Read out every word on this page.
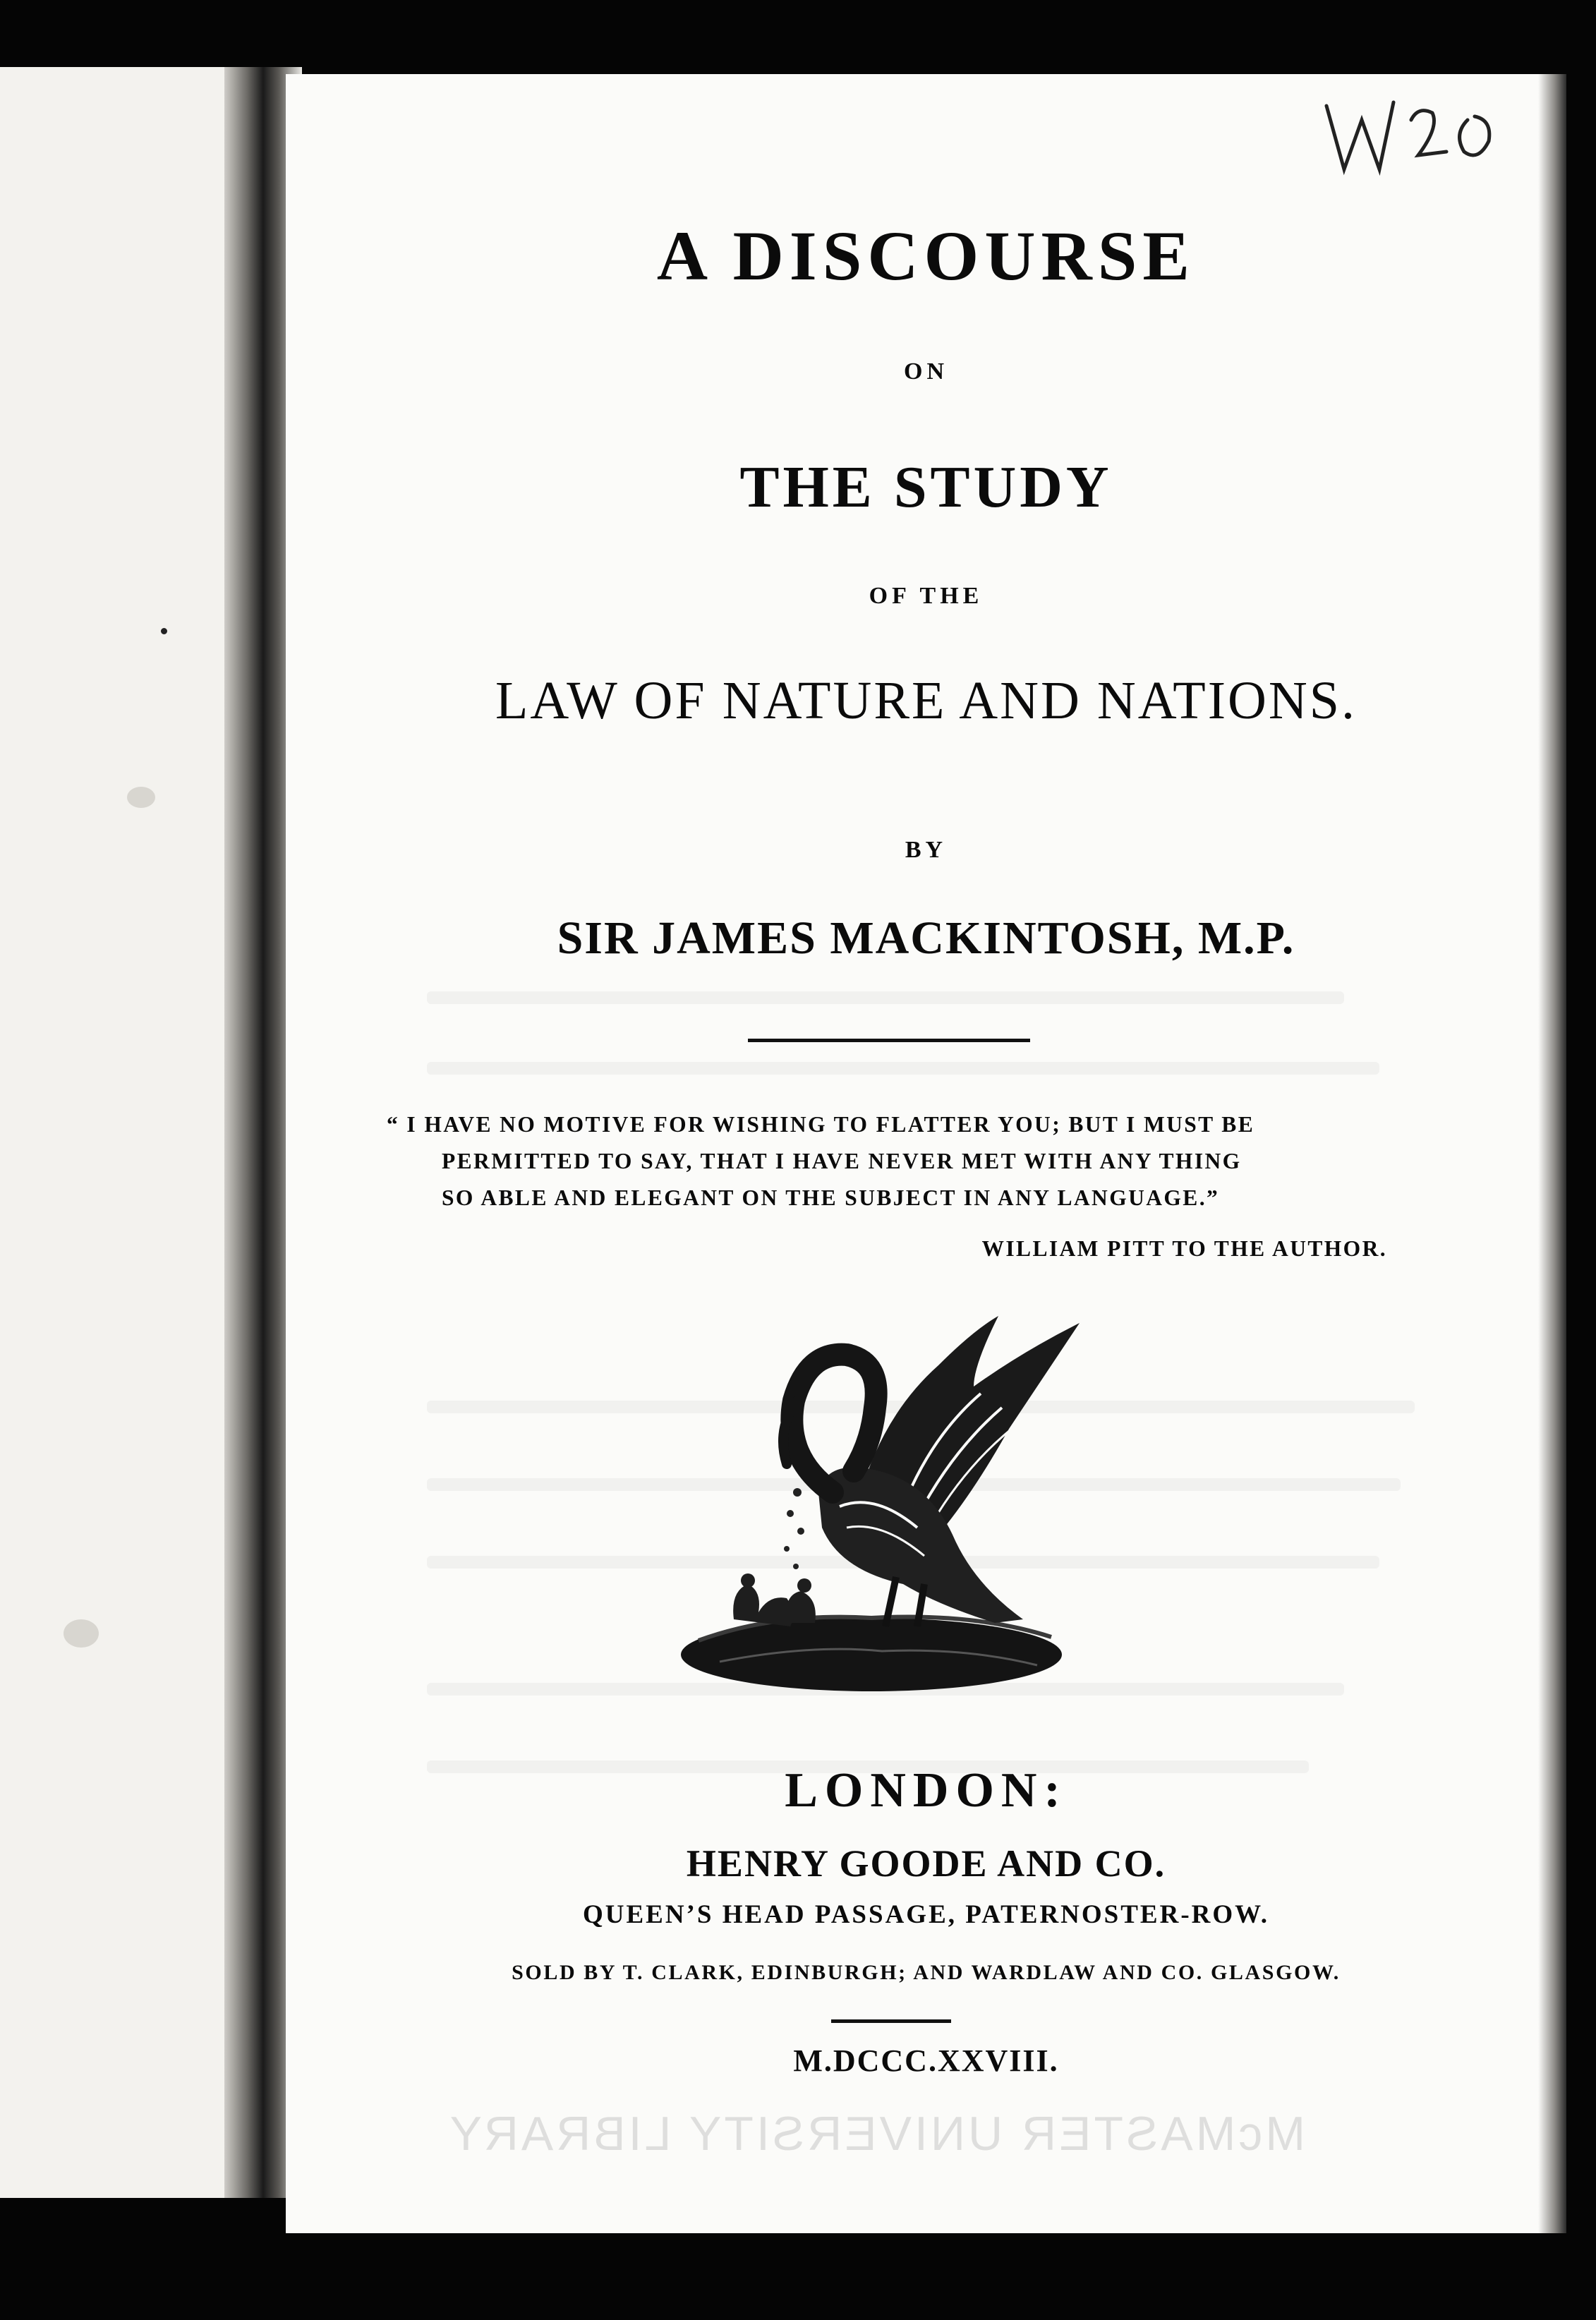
A DISCOURSE
ON
THE STUDY
OF THE
LAW OF NATURE AND NATIONS.
BY
SIR JAMES MACKINTOSH, M.P.
“ I HAVE NO MOTIVE FOR WISHING TO FLATTER YOU; BUT I MUST BE
PERMITTED TO SAY, THAT I HAVE NEVER MET WITH ANY THING
SO ABLE AND ELEGANT ON THE SUBJECT IN ANY LANGUAGE.”
WILLIAM PITT TO THE AUTHOR.
LONDON:
HENRY GOODE AND CO.
QUEEN’S HEAD PASSAGE, PATERNOSTER-ROW.
SOLD BY T. CLARK, EDINBURGH; AND WARDLAW AND CO. GLASGOW.
M.DCCC.XXVIII.
McMASTER UNIVERSITY LIBRARY
